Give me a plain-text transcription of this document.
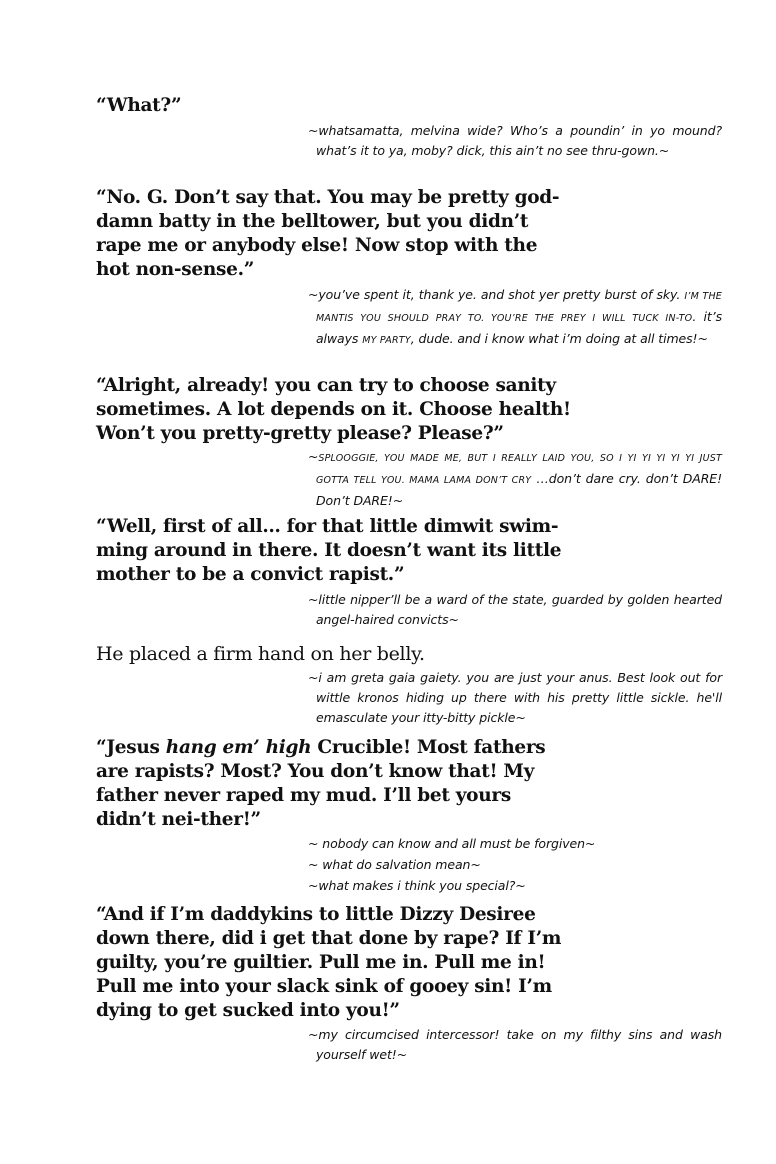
“What?”

~whatsamatta, melvina wide? Who’s a poundin’ in yo mound? what’s it to ya, moby? dick, this ain’t no see thru-gown.~

“No. G. Don’t say that. You may be pretty god-damn batty in the belltower, but you didn’t rape me or anybody else! Now stop with the hot non-sense.”

~you’ve spent it, thank ye. and shot yer pretty burst of sky. I’M THE MANTIS YOU SHOULD PRAY TO. YOU’RE THE PREY I WILL TUCK IN-TO. it’s always MY PARTY, dude. and i know what i’m doing at all times!~

“Alright, already! you can try to choose sanity sometimes. A lot depends on it. Choose health! Won’t you pretty-gretty please? Please?”

~SPLOOGGIE, YOU MADE ME, BUT I REALLY LAID YOU, SO I YI YI YI YI YI JUST GOTTA TELL YOU. MAMA LAMA DON’T CRY …don’t dare cry. don’t DARE! Don’t DARE!~

“Well, first of all… for that little dimwit swim-ming around in there. It doesn’t want its little mother to be a convict rapist.”

~little nipper’ll be a ward of the state, guarded by golden hearted angel-haired convicts~

He placed a firm hand on her belly.

~i am greta gaia gaiety. you are just your anus. Best look out for wittle kronos hiding up there with his pretty little sickle. he'll emasculate your itty-bitty pickle~

“Jesus hang em’ high Crucible! Most fathers are rapists? Most? You don’t know that! My father never raped my mud. I’ll bet yours didn’t nei-ther!”

~ nobody can know and all must be forgiven~

~ what do salvation mean~

~what makes i think you special?~

“And if I’m daddykins to little Dizzy Desiree down there, did i get that done by rape? If I’m guilty, you’re guiltier. Pull me in. Pull me in! Pull me into your slack sink of gooey sin! I’m dying to get sucked into you!”

~my circumcised intercessor! take on my filthy sins and wash yourself wet!~
